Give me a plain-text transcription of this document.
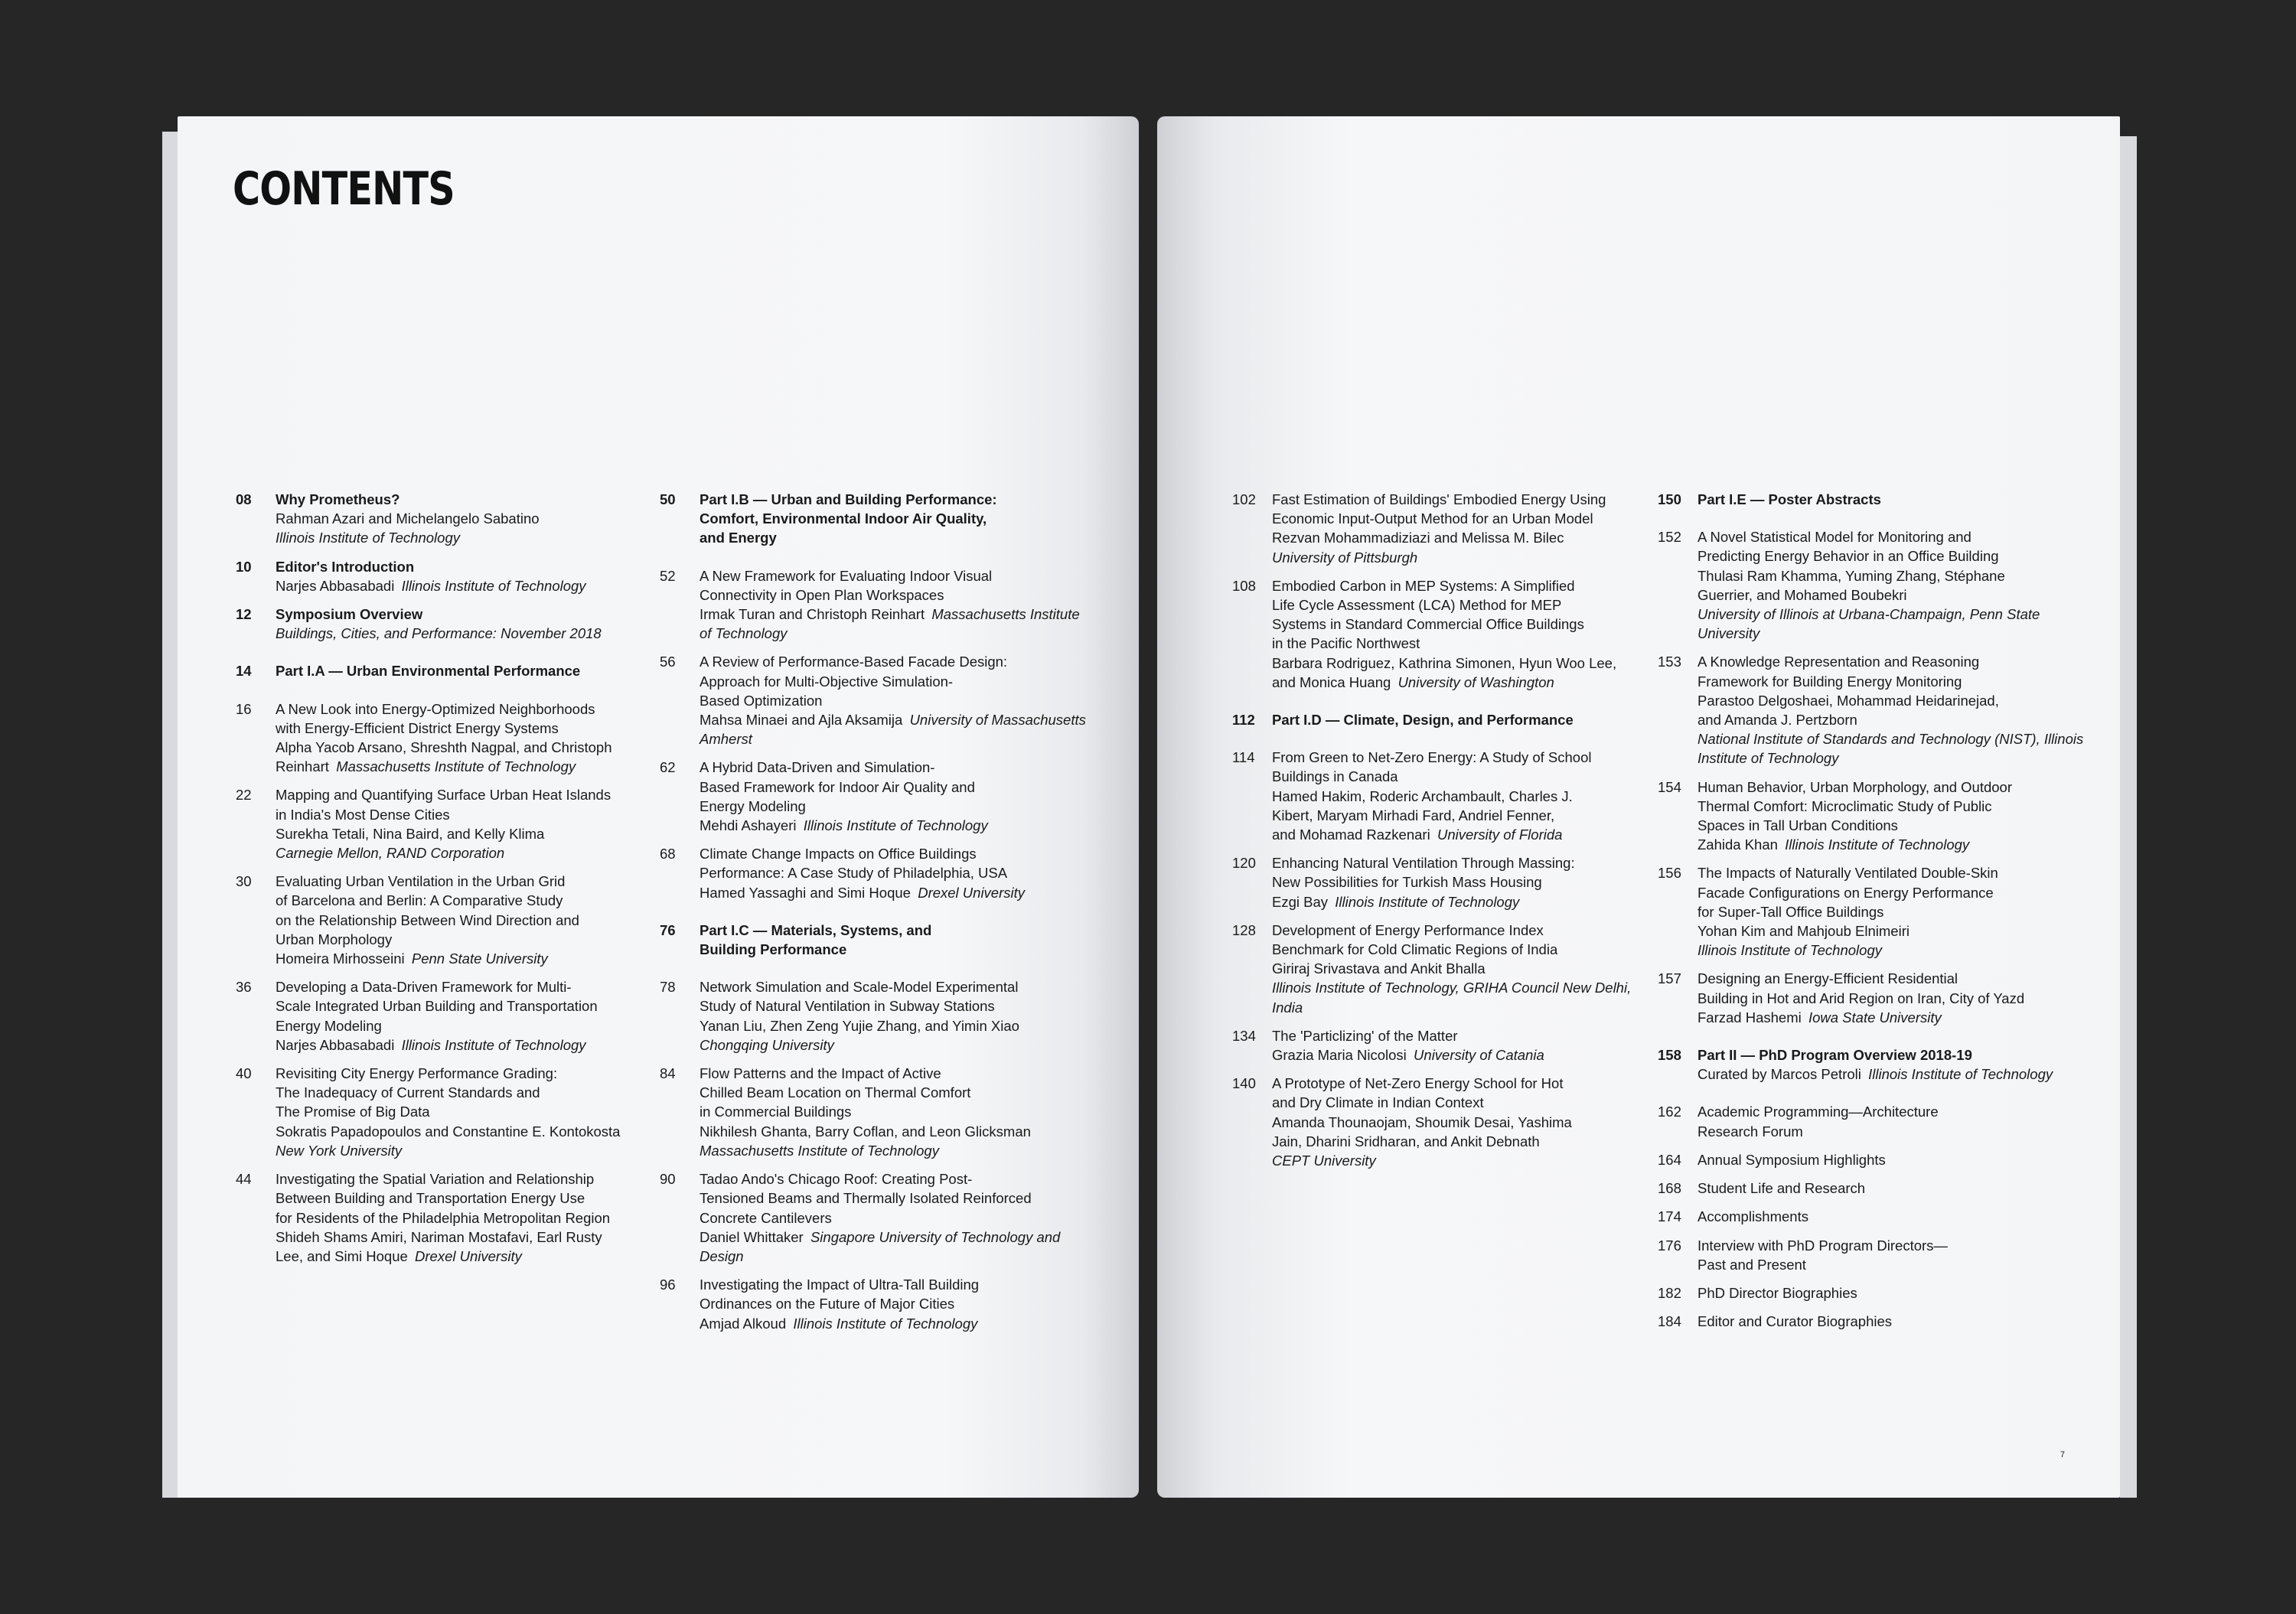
CONTENTS
7
08	Why Prometheus?
Rahman Azari and Michelangelo Sabatino
Illinois Institute of Technology
10	Editor's Introduction
Narjes Abbasabadi  Illinois Institute of Technology
12	Symposium Overview
Buildings, Cities, and Performance: November 2018
14	Part I.A — Urban Environmental Performance
16	A New Look into Energy-Optimized Neighborhoods
with Energy-Efficient District Energy Systems
Alpha Yacob Arsano, Shreshth Nagpal, and Christoph
Reinhart  Massachusetts Institute of Technology
22	Mapping and Quantifying Surface Urban Heat Islands
in India's Most Dense Cities
Surekha Tetali, Nina Baird, and Kelly Klima
Carnegie Mellon, RAND Corporation
30	Evaluating Urban Ventilation in the Urban Grid
of Barcelona and Berlin: A Comparative Study
on the Relationship Between Wind Direction and
Urban Morphology
Homeira Mirhosseini  Penn State University
36	Developing a Data-Driven Framework for Multi-
Scale Integrated Urban Building and Transportation
Energy Modeling
Narjes Abbasabadi  Illinois Institute of Technology
40	Revisiting City Energy Performance Grading:
The Inadequacy of Current Standards and
The Promise of Big Data
Sokratis Papadopoulos and Constantine E. Kontokosta
New York University
44	Investigating the Spatial Variation and Relationship
Between Building and Transportation Energy Use
for Residents of the Philadelphia Metropolitan Region
Shideh Shams Amiri, Nariman Mostafavi, Earl Rusty
Lee, and Simi Hoque  Drexel University
50	Part I.B — Urban and Building Performance:
Comfort, Environmental Indoor Air Quality,
and Energy
52	A New Framework for Evaluating Indoor Visual
Connectivity in Open Plan Workspaces
Irmak Turan and Christoph Reinhart  Massachusetts Institute of Technology
56	A Review of Performance-Based Facade Design:
Approach for Multi-Objective Simulation-
Based Optimization
Mahsa Minaei and Ajla Aksamija  University of Massachusetts Amherst
62	A Hybrid Data-Driven and Simulation-
Based Framework for Indoor Air Quality and
Energy Modeling
Mehdi Ashayeri  Illinois Institute of Technology
68	Climate Change Impacts on Office Buildings
Performance: A Case Study of Philadelphia, USA
Hamed Yassaghi and Simi Hoque  Drexel University
76	Part I.C — Materials, Systems, and
Building Performance
78	Network Simulation and Scale-Model Experimental
Study of Natural Ventilation in Subway Stations
Yanan Liu, Zhen Zeng Yujie Zhang, and Yimin Xiao
Chongqing University
84	Flow Patterns and the Impact of Active
Chilled Beam Location on Thermal Comfort
in Commercial Buildings
Nikhilesh Ghanta, Barry Coflan, and Leon Glicksman
Massachusetts Institute of Technology
90	Tadao Ando's Chicago Roof: Creating Post-
Tensioned Beams and Thermally Isolated Reinforced
Concrete Cantilevers
Daniel Whittaker  Singapore University of Technology and Design
96	Investigating the Impact of Ultra-Tall Building
Ordinances on the Future of Major Cities
Amjad Alkoud  Illinois Institute of Technology
102	Fast Estimation of Buildings' Embodied Energy Using
Economic Input-Output Method for an Urban Model
Rezvan Mohammadiziazi and Melissa M. Bilec
University of Pittsburgh
108	Embodied Carbon in MEP Systems: A Simplified
Life Cycle Assessment (LCA) Method for MEP
Systems in Standard Commercial Office Buildings
in the Pacific Northwest
Barbara Rodriguez, Kathrina Simonen, Hyun Woo Lee,
and Monica Huang  University of Washington
112	Part I.D — Climate, Design, and Performance
114	From Green to Net-Zero Energy: A Study of School
Buildings in Canada
Hamed Hakim, Roderic Archambault, Charles J.
Kibert, Maryam Mirhadi Fard, Andriel Fenner,
and Mohamad Razkenari  University of Florida
120	Enhancing Natural Ventilation Through Massing:
New Possibilities for Turkish Mass Housing
Ezgi Bay  Illinois Institute of Technology
128	Development of Energy Performance Index
Benchmark for Cold Climatic Regions of India
Giriraj Srivastava and Ankit Bhalla
Illinois Institute of Technology, GRIHA Council New Delhi, India
134	The 'Particlizing' of the Matter
Grazia Maria Nicolosi  University of Catania
140	A Prototype of Net-Zero Energy School for Hot
and Dry Climate in Indian Context
Amanda Thounaojam, Shoumik Desai, Yashima
Jain, Dharini Sridharan, and Ankit Debnath
CEPT University
150	Part I.E — Poster Abstracts
152	A Novel Statistical Model for Monitoring and
Predicting Energy Behavior in an Office Building
Thulasi Ram Khamma, Yuming Zhang, Stéphane
Guerrier, and Mohamed Boubekri
University of Illinois at Urbana-Champaign, Penn State University
153	A Knowledge Representation and Reasoning
Framework for Building Energy Monitoring
Parastoo Delgoshaei, Mohammad Heidarinejad,
and Amanda J. Pertzborn
National Institute of Standards and Technology (NIST), Illinois Institute of Technology
154	Human Behavior, Urban Morphology, and Outdoor
Thermal Comfort: Microclimatic Study of Public
Spaces in Tall Urban Conditions
Zahida Khan  Illinois Institute of Technology
156	The Impacts of Naturally Ventilated Double-Skin
Facade Configurations on Energy Performance
for Super-Tall Office Buildings
Yohan Kim and Mahjoub Elnimeiri
Illinois Institute of Technology
157	Designing an Energy-Efficient Residential
Building in Hot and Arid Region on Iran, City of Yazd
Farzad Hashemi  Iowa State University
158	Part II — PhD Program Overview 2018-19
Curated by Marcos Petroli  Illinois Institute of Technology
162	Academic Programming—Architecture
Research Forum
164	Annual Symposium Highlights
168	Student Life and Research
174	Accomplishments
176	Interview with PhD Program Directors—
Past and Present
182	PhD Director Biographies
184	Editor and Curator Biographies
